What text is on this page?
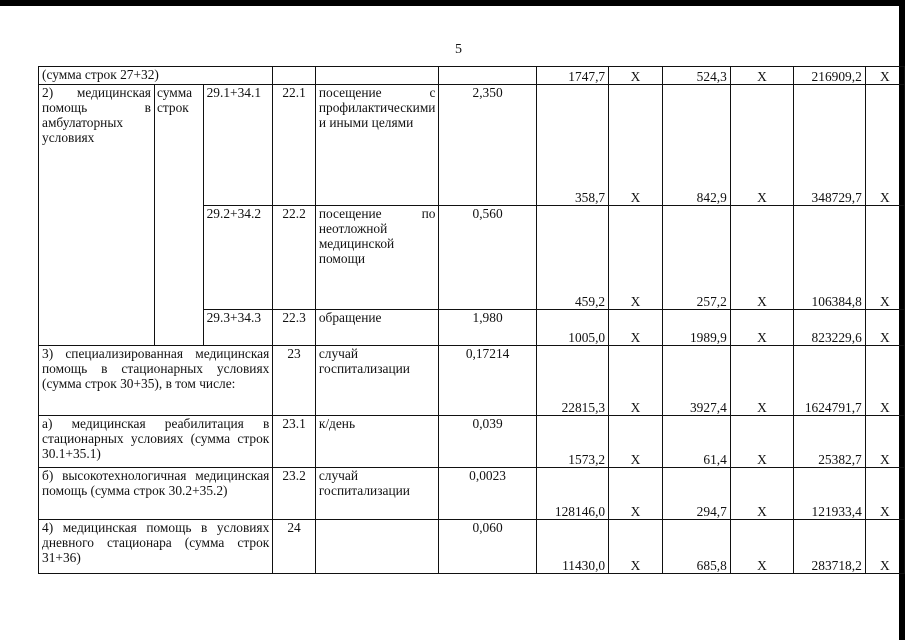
5
(сумма строк 27+32)						1747,7	X	524,3	X	216909,2	X
2) медицинская помощь в амбулаторных условиях	сумма строк	29.1+34.1	22.1	посещение с профилактическими и иными целями	2,350	358,7	X	842,9	X	348729,7	X
		29.2+34.2	22.2	посещение по неотложной медицинской помощи	0,560	459,2	X	257,2	X	106384,8	X
		29.3+34.3	22.3	обращение	1,980	1005,0	X	1989,9	X	823229,6	X
3) специализированная медицинская помощь в стационарных условиях (сумма строк 30+35), в том числе:			23	случай госпитализации	0,17214	22815,3	X	3927,4	X	1624791,7	X
а) медицинская реабилитация в стационарных условиях (сумма строк 30.1+35.1)			23.1	к/день	0,039	1573,2	X	61,4	X	25382,7	X
б) высокотехнологичная медицинская помощь (сумма строк 30.2+35.2)			23.2	случай госпитализации	0,0023	128146,0	X	294,7	X	121933,4	X
4) медицинская помощь в условиях дневного стационара (сумма строк 31+36)			24		0,060	11430,0	X	685,8	X	283718,2	X
